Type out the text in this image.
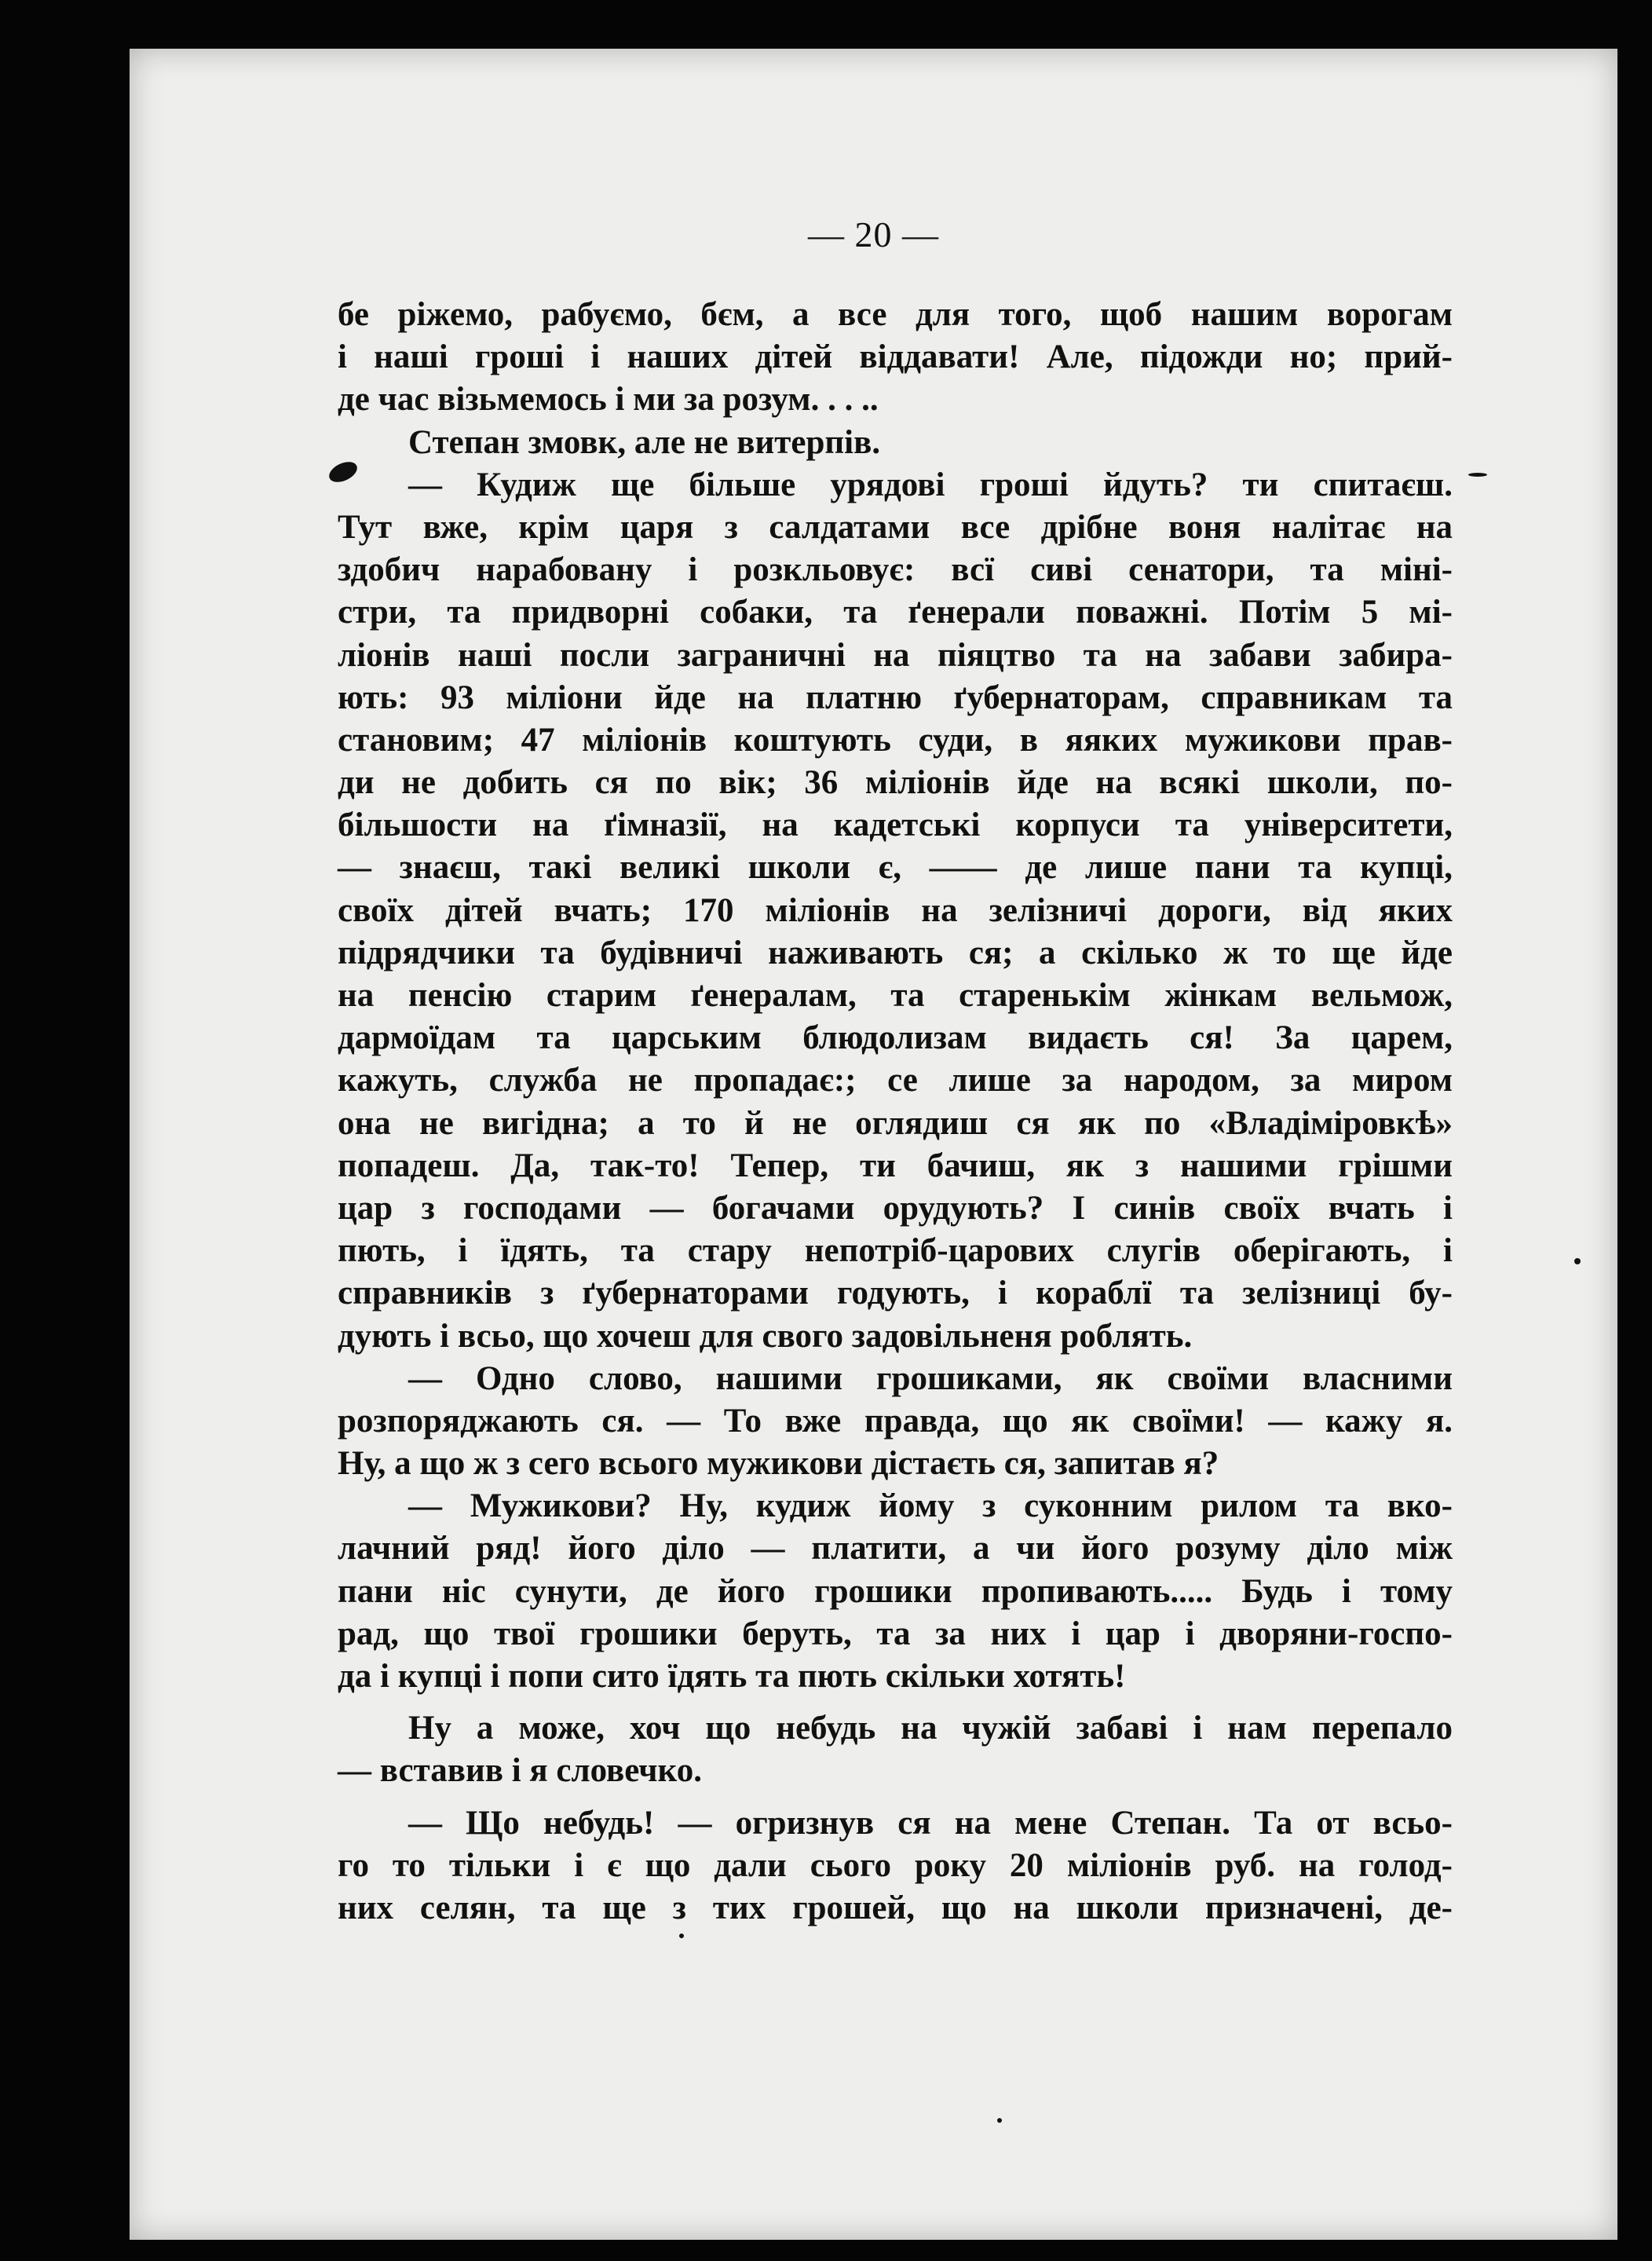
— 20 —
бе ріжемо, рабуємо, бєм, а все для того, щоб нашим ворогам
і наші гроші і наших дітей віддавати! Але, підожди но; прий-
де час візьмемось і ми за розум. . . ..
Степан змовк, але не витерпів.
— Кудиж ще більше урядові гроші йдуть? ти спитаєш.
Тут вже, крім царя з салдатами все дрібне воня налітає на
здобич нарабовану і розкльовує: всї сиві сенатори, та міні-
стри, та придворні собаки, та ґенерали поважні. Потім 5 мі-
ліонів наші посли заграничні на піяцтво та на забави забира-
ють: 93 міліони йде на платню ґубернаторам, справникам та
становим; 47 міліонів коштують суди, в яяких мужикови прав-
ди не добить ся по вік; 36 міліонів йде на всякі школи, по-
більшости на ґімназії, на кадетські корпуси та університети,
— знаєш, такі великі школи є, —— де лише пани та купці,
своїх дітей вчать; 170 міліонів на зелізничі дороги, від яких
підрядчики та будівничі наживають ся; а скілько ж то ще йде
на пенсію старим ґенералам, та старенькім жінкам вельмож,
дармоїдам та царським блюдолизам видаєть ся! За царем,
кажуть, служба не пропадає:; се лише за народом, за миром
она не вигідна; а то й не оглядиш ся як по «Владіміровкѣ»
попадеш. Да, так-то! Тепер, ти бачиш, як з нашими грішми
цар з господами — богачами орудують? І синів своїх вчать і
пють, і їдять, та стару непотріб-царових слугів оберігають, і
справників з ґубернаторами годують, і кораблї та зелізниці бу-
дують і всьо, що хочеш для свого задовільненя роблять.
— Одно слово, нашими грошиками, як своїми власними
розпоряджають ся. — То вже правда, що як своїми! — кажу я.
Ну, а що ж з сего всього мужикови дістаєть ся, запитав я?
— Мужикови? Ну, кудиж йому з суконним рилом та вко-
лачний ряд! його діло — платити, а чи його розуму діло між
пани ніс сунути, де його грошики пропивають..... Будь і тому
рад, що твої грошики беруть, та за них і цар і дворяни-госпо-
да і купці і попи сито їдять та пють скільки хотять!
Ну а може, хоч що небудь на чужій забаві і нам перепало
— вставив і я словечко.
— Що небудь! — огризнув ся на мене Степан. Та от всьо-
го то тільки і є що дали сього року 20 міліонів руб. на голод-
них селян, та ще з тих грошей, що на школи призначені, де-
